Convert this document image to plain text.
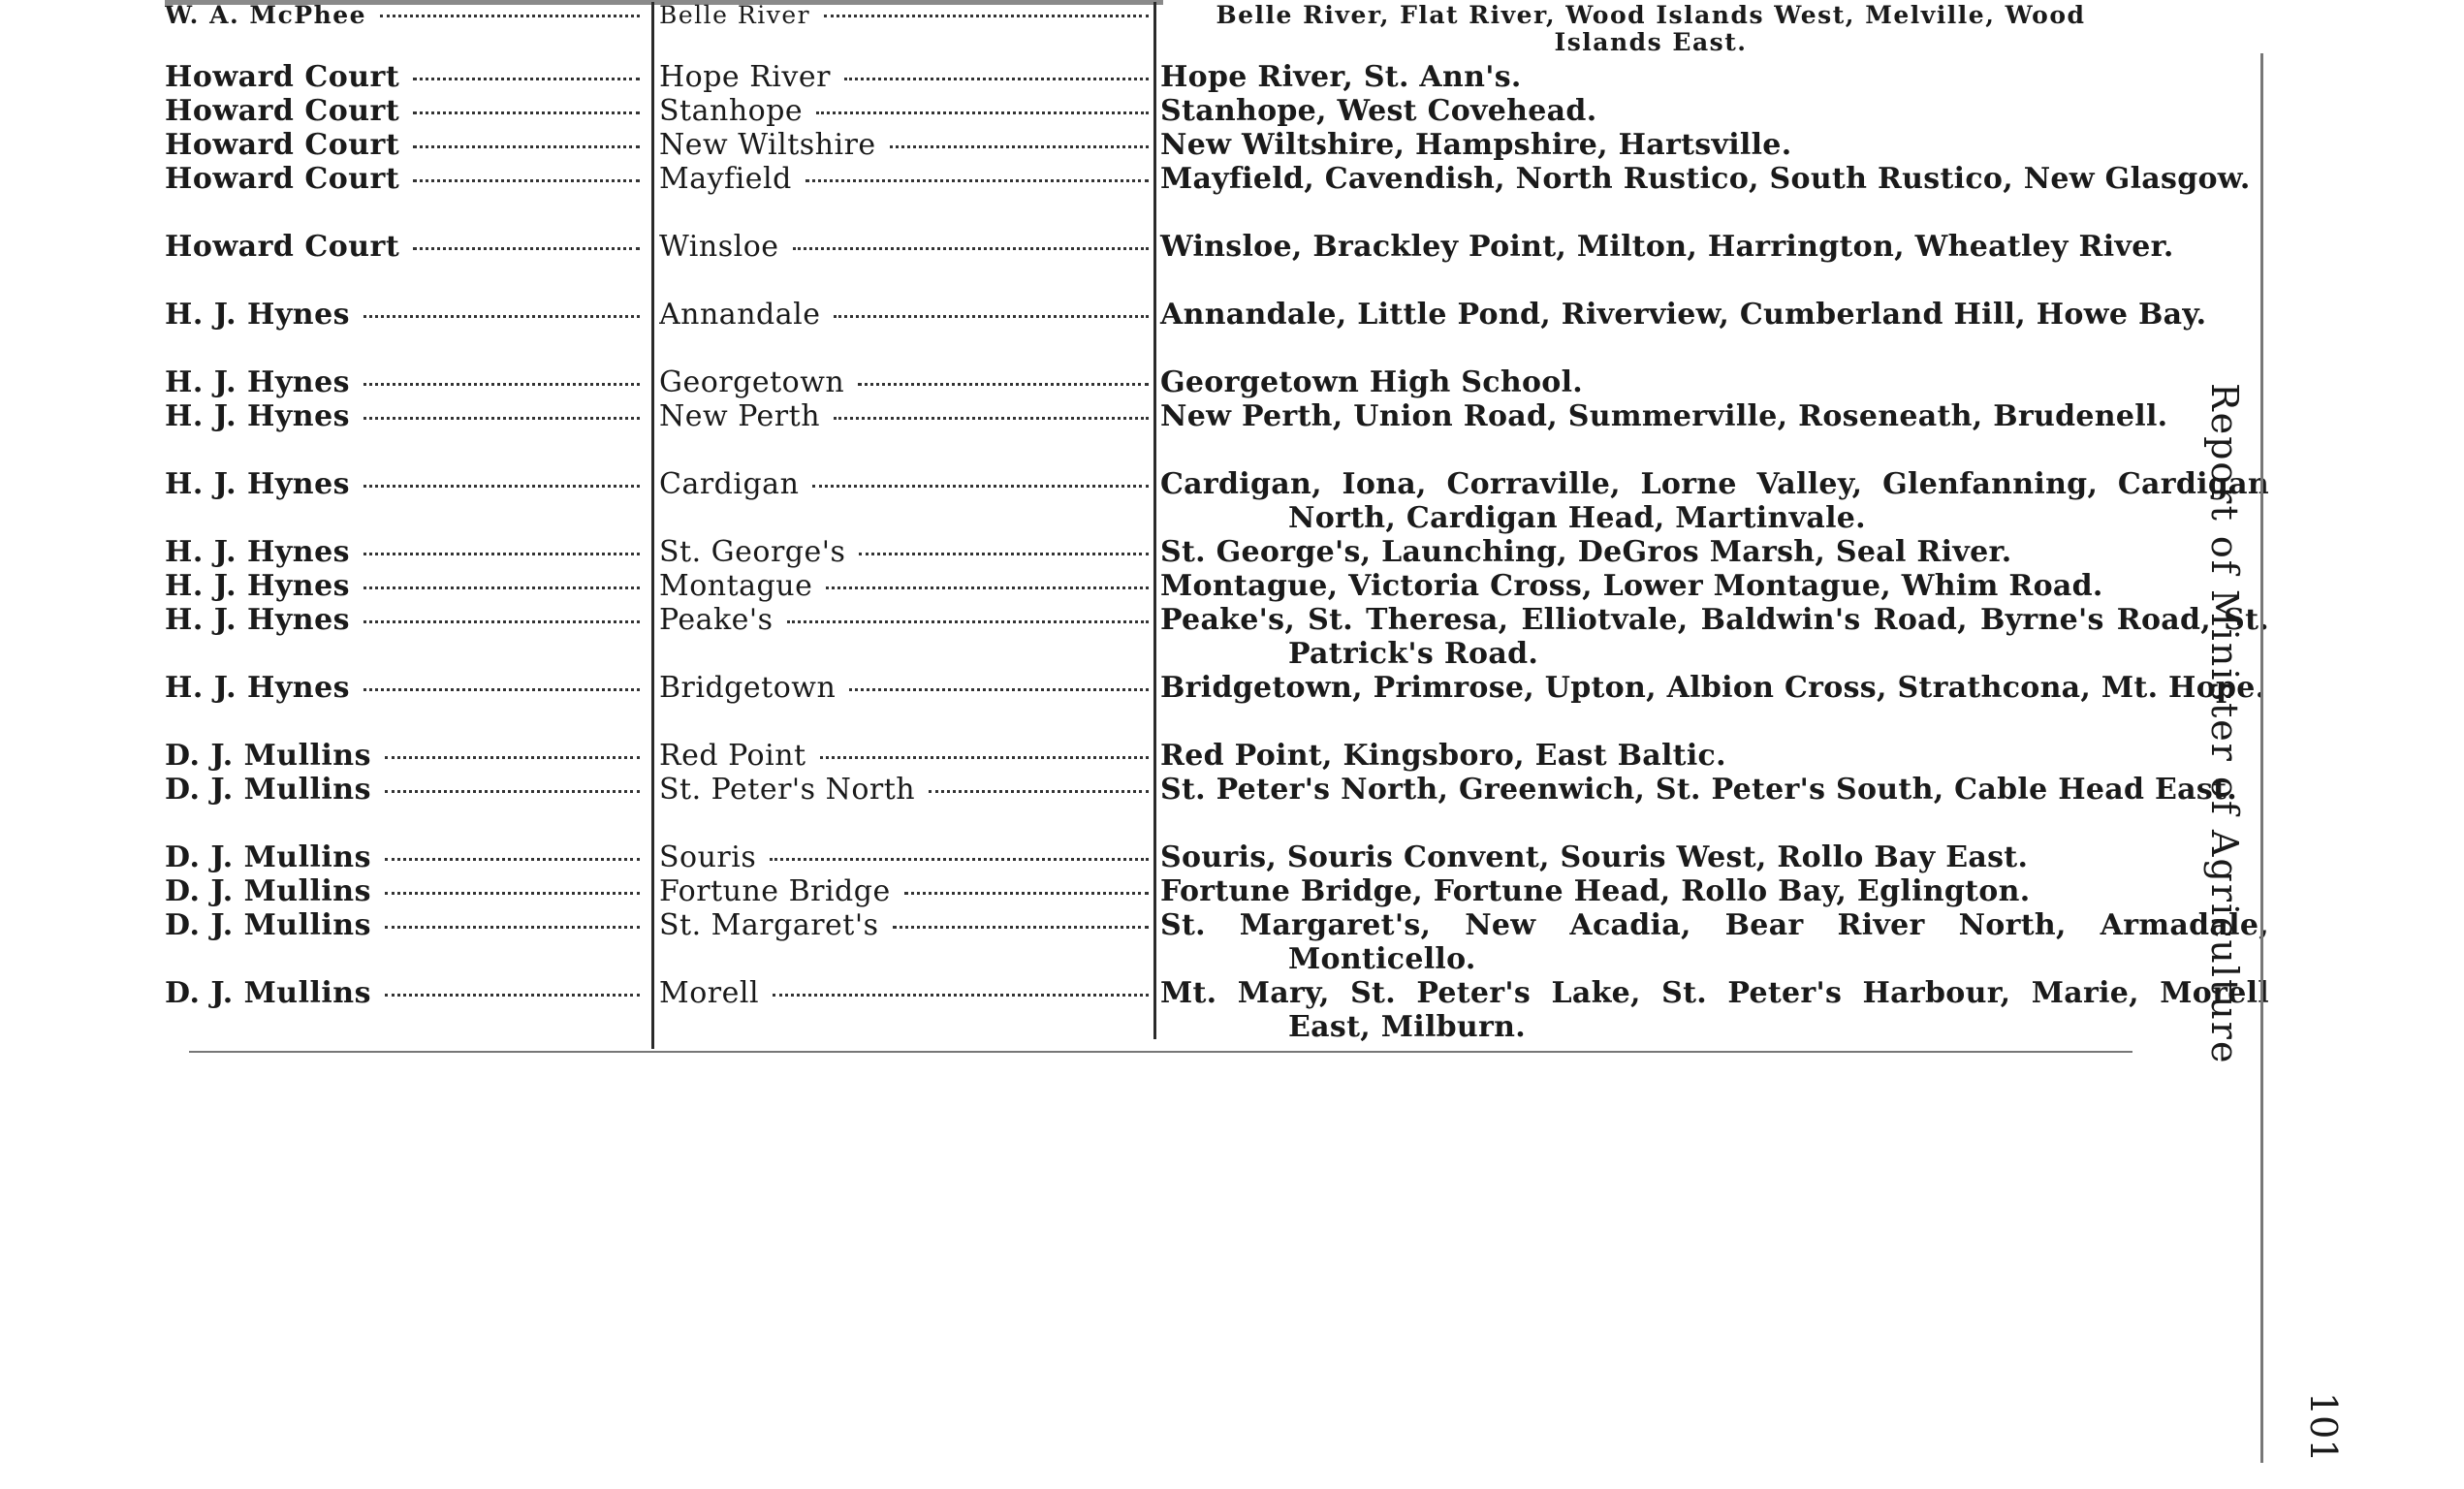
W. A. McPhee	Belle River	Belle River, Flat River, Wood Islands West, Melville, Wood Islands East.
Howard Court	Hope River	Hope River, St. Ann's.
Howard Court	Stanhope	Stanhope, West Covehead.
Howard Court	New Wiltshire	New Wiltshire, Hampshire, Hartsville.
Howard Court	Mayfield	Mayfield, Cavendish, North Rustico, South Rustico, New Glasgow.
Howard Court	Winsloe	Winsloe, Brackley Point, Milton, Harrington, Wheatley River.
H. J. Hynes	Annandale	Annandale, Little Pond, Riverview, Cumberland Hill, Howe Bay.
H. J. Hynes	Georgetown	Georgetown High School.
H. J. Hynes	New Perth	New Perth, Union Road, Summerville, Roseneath, Brudenell.
H. J. Hynes	Cardigan	Cardigan, Iona, Corraville, Lorne Valley, Glenfanning, Cardigan North, Cardigan Head, Martinvale.
H. J. Hynes	St. George's	St. George's, Launching, DeGros Marsh, Seal River.
H. J. Hynes	Montague	Montague, Victoria Cross, Lower Montague, Whim Road.
H. J. Hynes	Peake's	Peake's, St. Theresa, Elliotvale, Baldwin's Road, Byrne's Road, St. Patrick's Road.
H. J. Hynes	Bridgetown	Bridgetown, Primrose, Upton, Albion Cross, Strathcona, Mt. Hope.
D. J. Mullins	Red Point	Red Point, Kingsboro, East Baltic.
D. J. Mullins	St. Peter's North	St. Peter's North, Greenwich, St. Peter's South, Cable Head East.
D. J. Mullins	Souris	Souris, Souris Convent, Souris West, Rollo Bay East.
D. J. Mullins	Fortune Bridge	Fortune Bridge, Fortune Head, Rollo Bay, Eglington.
D. J. Mullins	St. Margaret's	St. Margaret's, New Acadia, Bear River North, Armadale, Monticello.
D. J. Mullins	Morell	Mt. Mary, St. Peter's Lake, St. Peter's Harbour, Marie, Morell East, Milburn.	Report of Minister of Agriculture
101
